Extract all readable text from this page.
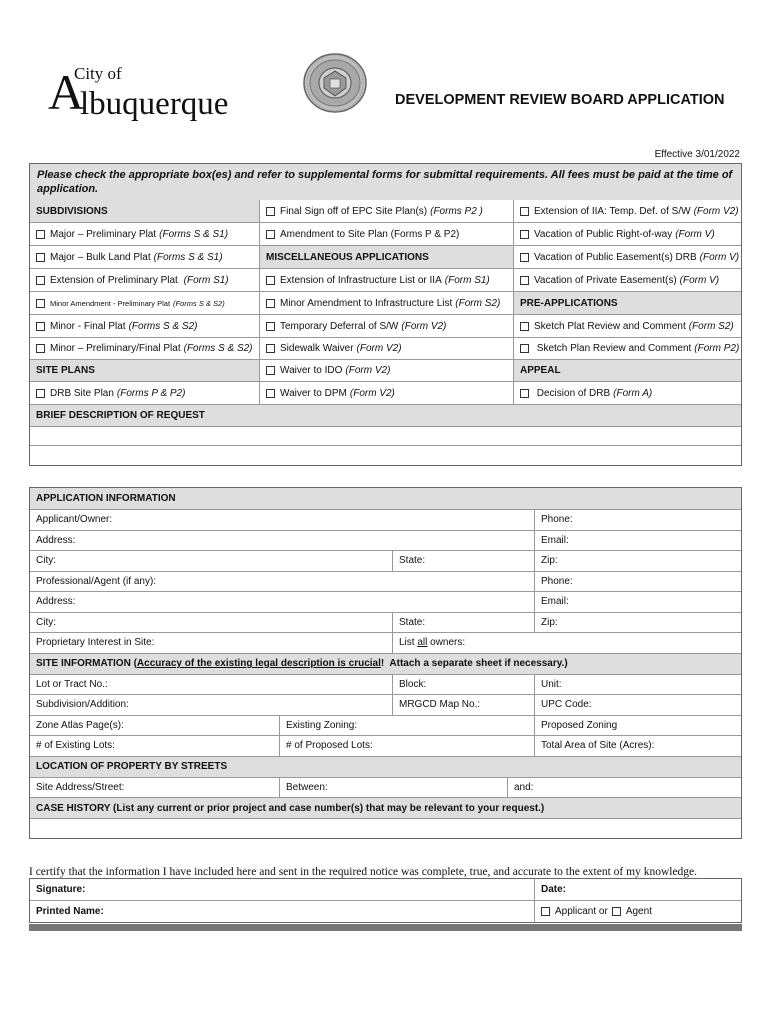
A
City of
lbuquerque	DEVELOPMENT REVIEW BOARD APPLICATION
Effective 3/01/2022
Please check the appropriate box(es) and refer to supplemental forms for submittal requirements. All fees must be paid at the time of application.
SUBDIVISIONS	Final Sign off of EPC Site Plan(s) (Forms P2 )	Extension of IIA: Temp. Def. of S/W (Form V2)
Major – Preliminary Plat (Forms S & S1)	Amendment to Site Plan (Forms P & P2)	Vacation of Public Right-of-way (Form V)
Major – Bulk Land Plat (Forms S & S1)	MISCELLANEOUS APPLICATIONS	Vacation of Public Easement(s) DRB (Form V)
Extension of Preliminary Plat (Form S1)	Extension of Infrastructure List or IIA (Form S1)	Vacation of Private Easement(s) (Form V)
Minor Amendment - Preliminary Plat (Forms S & S2)	Minor Amendment to Infrastructure List (Form S2)	PRE-APPLICATIONS
Minor - Final Plat (Forms S & S2)	Temporary Deferral of S/W (Form V2)	Sketch Plat Review and Comment (Form S2)
Minor – Preliminary/Final Plat (Forms S & S2)	Sidewalk Waiver (Form V2)	Sketch Plan Review and Comment (Form P2)
SITE PLANS	Waiver to IDO (Form V2)	APPEAL
DRB Site Plan (Forms P & P2)	Waiver to DPM (Form V2)	Decision of DRB (Form A)
BRIEF DESCRIPTION OF REQUEST
APPLICATION INFORMATION
Applicant/Owner:	Phone:
Address:	Email:
City:	State:	Zip:
Professional/Agent (if any):	Phone:
Address:	Email:
City:	State:	Zip:
Proprietary Interest in Site:	List all owners:
SITE INFORMATION ( Accuracy of the existing legal description is crucial !  Attach a separate sheet if necessary.)
Lot or Tract No.:	Block:	Unit:
Subdivision/Addition:	MRGCD Map No.:	UPC Code:
Zone Atlas Page(s):	Existing Zoning:	Proposed Zoning
# of Existing Lots:	# of Proposed Lots:	Total Area of Site (Acres):
LOCATION OF PROPERTY BY STREETS
Site Address/Street:	Between:	and:
CASE HISTORY (List any current or prior project and case number(s) that may be relevant to your request.)
I certify that the information I have included here and sent in the required notice was complete, true, and accurate to the extent of my knowledge.
Signature:	Date:
Printed Name:	Applicant or Agent
